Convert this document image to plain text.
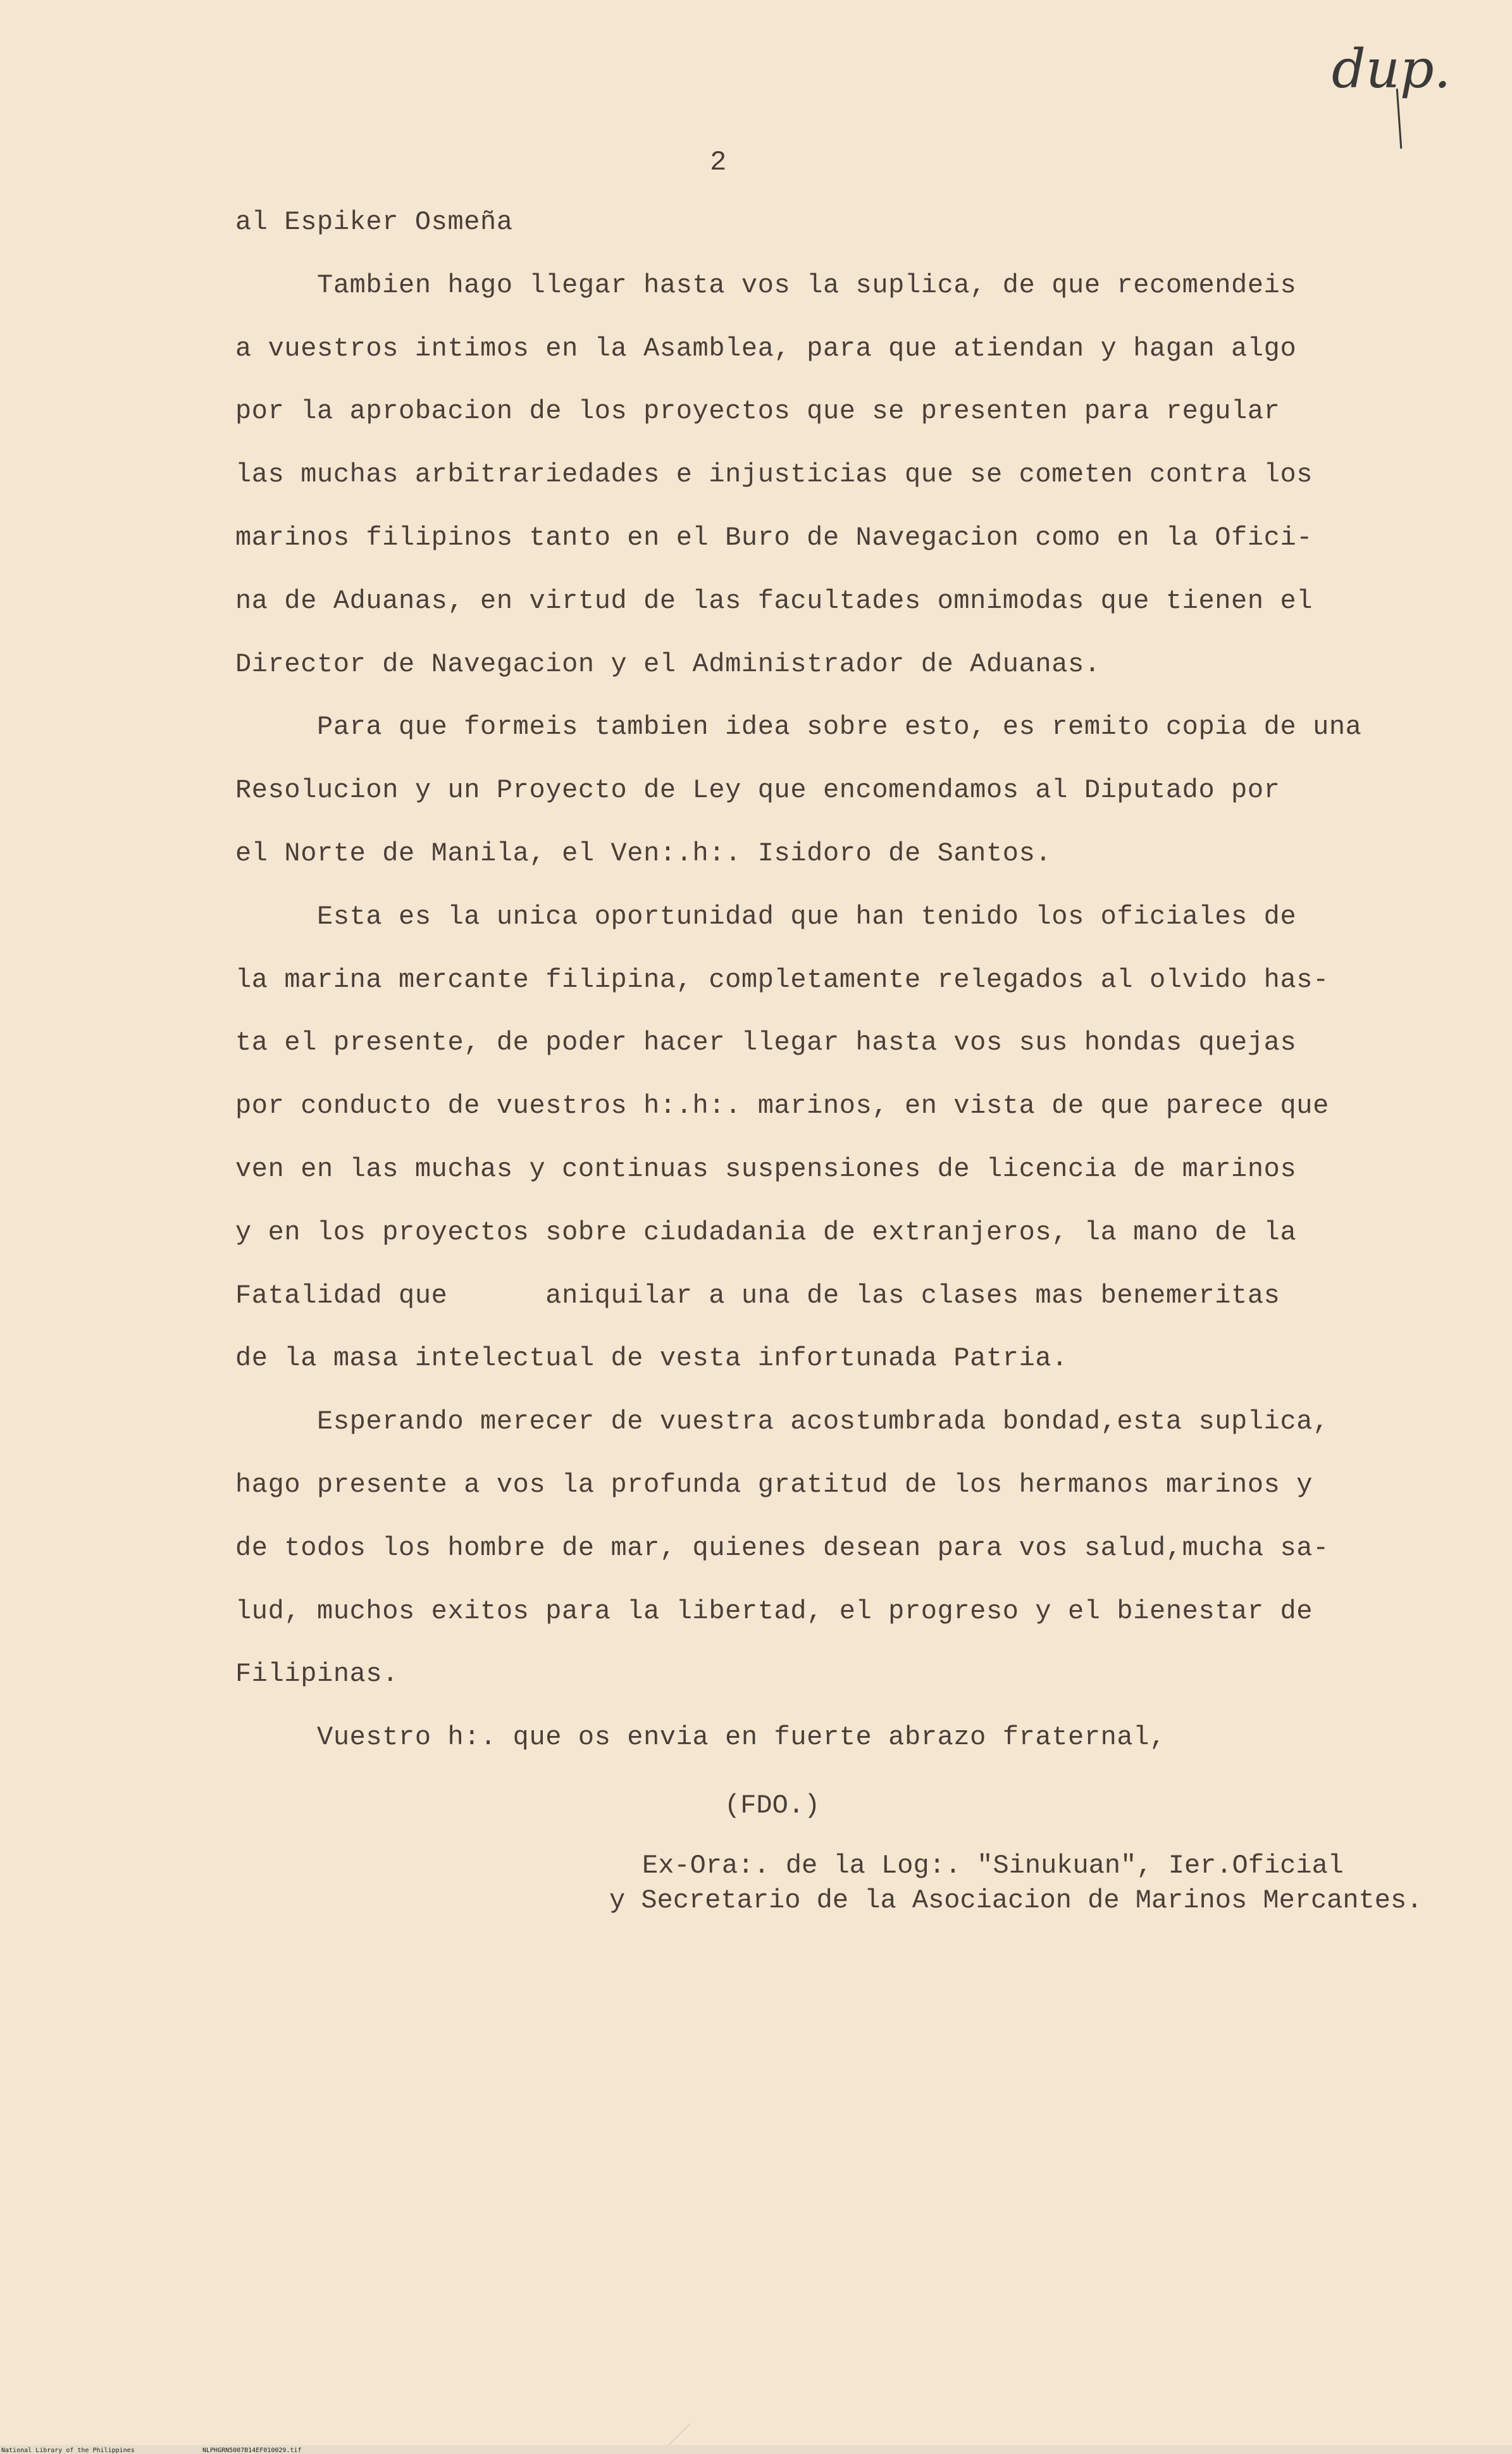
dup.
2
al Espiker Osmeña
Tambien hago llegar hasta vos la suplica, de que recomendeis
a vuestros intimos en la Asamblea, para que atiendan y hagan algo
por la aprobacion de los proyectos que se presenten para regular
las muchas arbitrariedades e injusticias que se cometen contra los
marinos filipinos tanto en el Buro de Navegacion como en la Ofici-
na de Aduanas, en virtud de las facultades omnimodas que tienen el
Director de Navegacion y el Administrador de Aduanas.
Para que formeis tambien idea sobre esto, es remito copia de una
Resolucion y un Proyecto de Ley que encomendamos al Diputado por
el Norte de Manila, el Ven:.h:. Isidoro de Santos.
Esta es la unica oportunidad que han tenido los oficiales de
la marina mercante filipina, completamente relegados al olvido has-
ta el presente, de poder hacer llegar hasta vos sus hondas quejas
por conducto de vuestros h:.h:. marinos, en vista de que parece que
ven en las muchas y continuas suspensiones de licencia de marinos
y en los proyectos sobre ciudadania de extranjeros, la mano de la
Fatalidad que      aniquilar a una de las clases mas benemeritas
de la masa intelectual de vesta infortunada Patria.
Esperando merecer de vuestra acostumbrada bondad,esta suplica,
hago presente a vos la profunda gratitud de los hermanos marinos y
de todos los hombre de mar, quienes desean para vos salud,mucha sa-
lud, muchos exitos para la libertad, el progreso y el bienestar de
Filipinas.
Vuestro h:. que os envia en fuerte abrazo fraternal,
(FDO.)
Ex-Ora:. de la Log:. "Sinukuan", Ier.Oficial
y Secretario de la Asociacion de Marinos Mercantes.
National Library of the Philippines	NLPHGRN5007B14EF010029.tif
